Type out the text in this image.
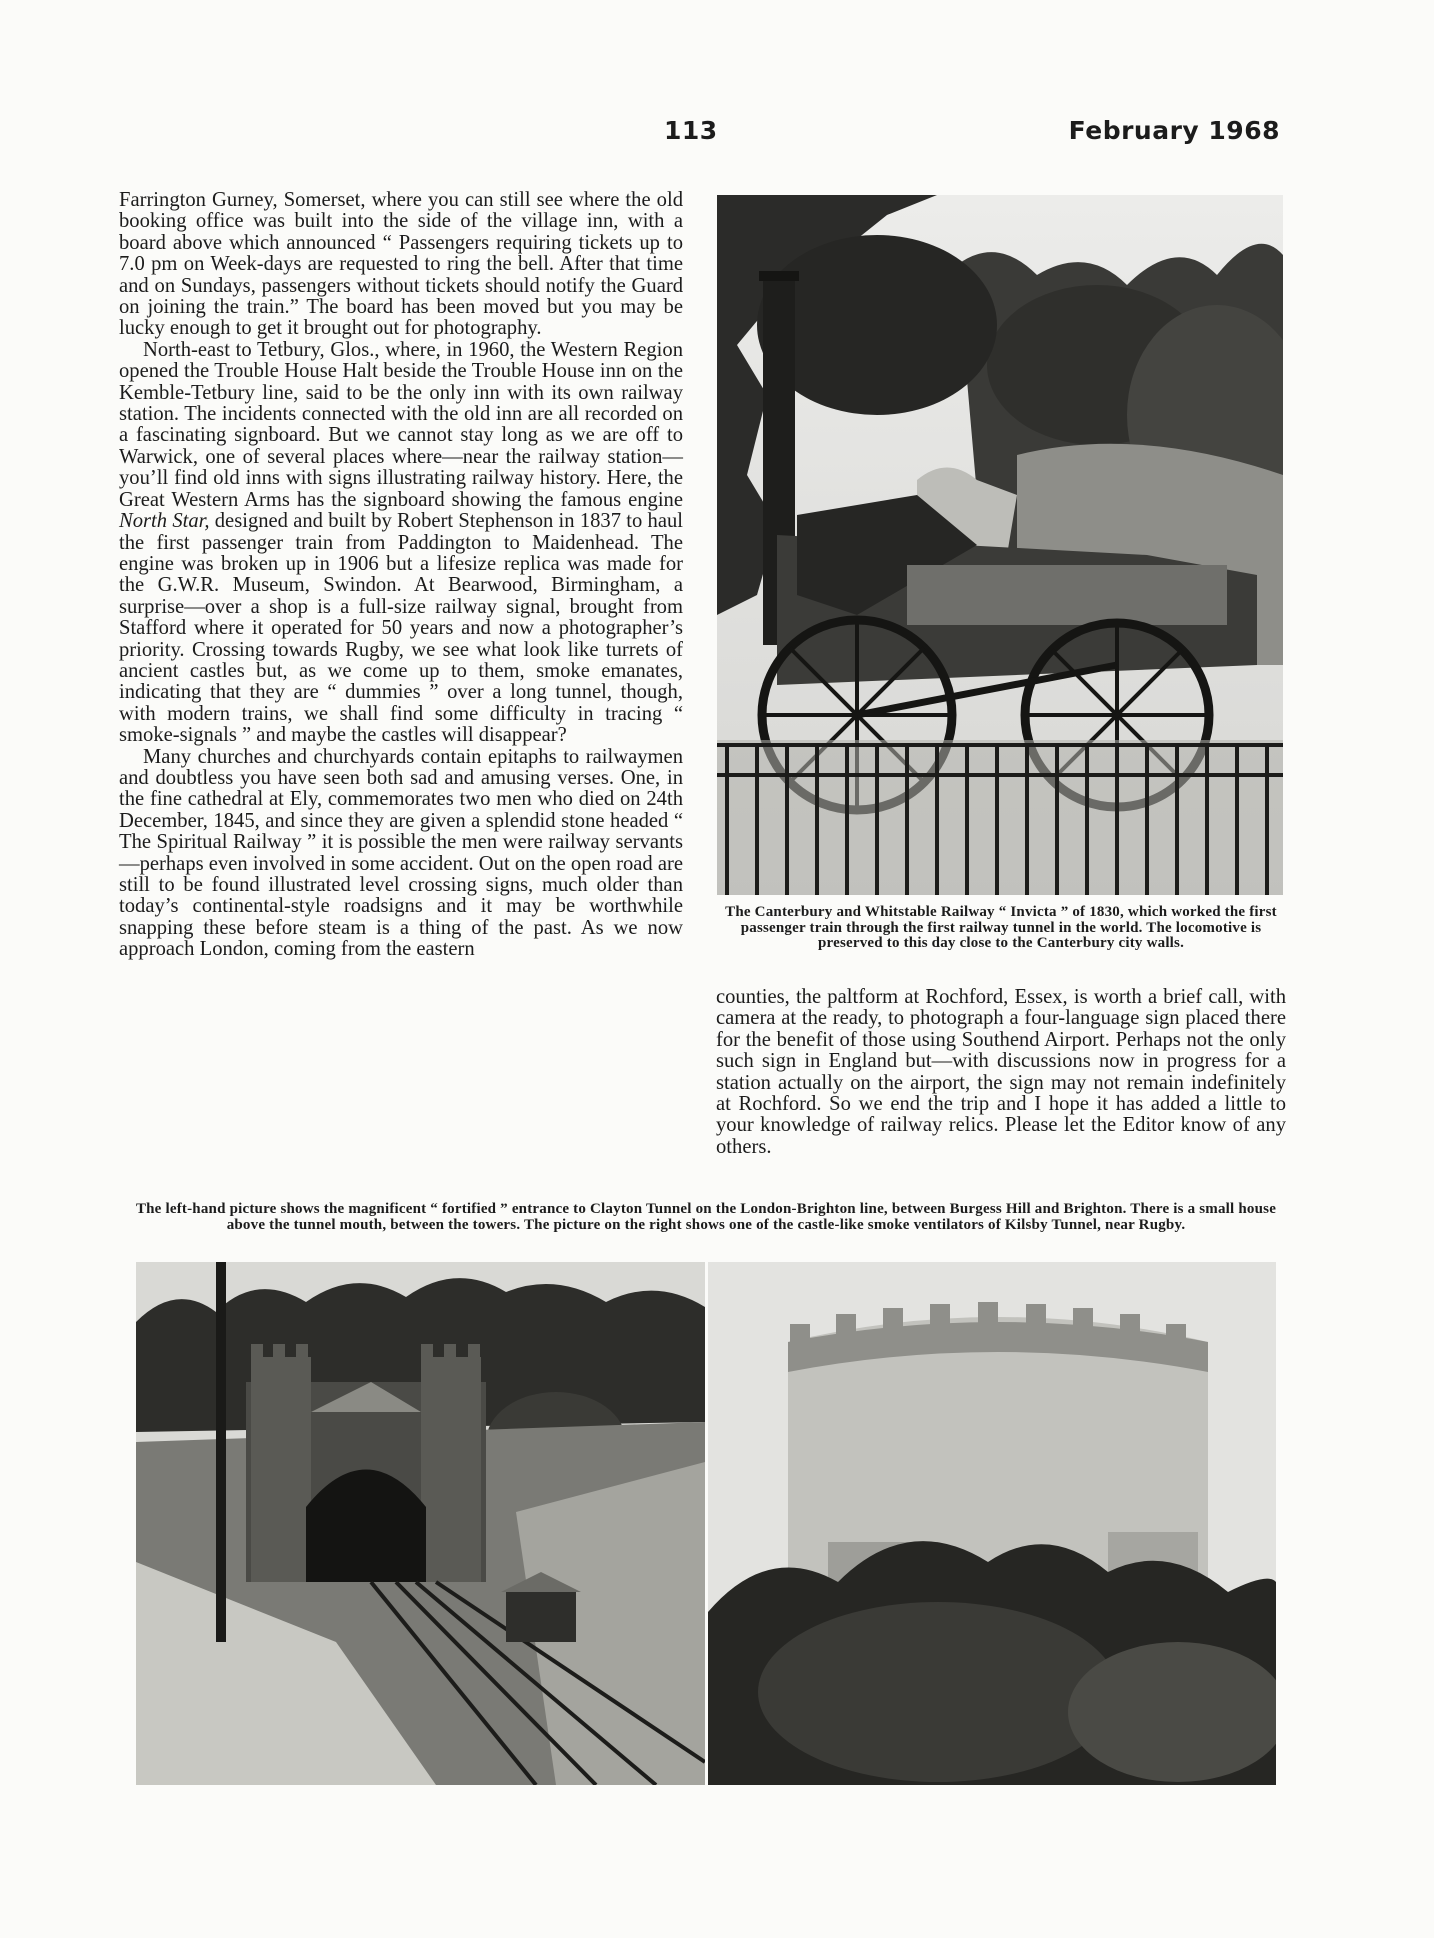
113	February 1968

Farrington Gurney, Somerset, where you can still see where the old booking office was built into the side of the village inn, with a board above which announced “ Passengers requiring tickets up to 7.0 pm on Week-days are requested to ring the bell. After that time and on Sundays, passengers without tickets should notify the Guard on joining the train.” The board has been moved but you may be lucky enough to get it brought out for photography.

North-east to Tetbury, Glos., where, in 1960, the Western Region opened the Trouble House Halt beside the Trouble House inn on the Kemble-Tetbury line, said to be the only inn with its own railway station. The incidents connected with the old inn are all recorded on a fascinating signboard. But we cannot stay long as we are off to Warwick, one of several places where—near the railway station—you’ll find old inns with signs illustrating railway history. Here, the Great Western Arms has the signboard showing the famous engine North Star, designed and built by Robert Stephenson in 1837 to haul the first passenger train from Paddington to Maidenhead. The engine was broken up in 1906 but a lifesize replica was made for the G.W.R. Museum, Swindon. At Bearwood, Birmingham, a surprise—over a shop is a full-size railway signal, brought from Stafford where it operated for 50 years and now a photographer’s priority. Crossing towards Rugby, we see what look like turrets of ancient castles but, as we come up to them, smoke emanates, indicating that they are “ dummies ” over a long tunnel, though, with modern trains, we shall find some difficulty in tracing “ smoke-signals ” and maybe the castles will disappear?

Many churches and churchyards contain epitaphs to railwaymen and doubtless you have seen both sad and amusing verses. One, in the fine cathedral at Ely, commemorates two men who died on 24th December, 1845, and since they are given a splendid stone headed “ The Spiritual Railway ” it is possible the men were railway servants—perhaps even involved in some accident. Out on the open road are still to be found illustrated level crossing signs, much older than today’s continental-style roadsigns and it may be worthwhile snapping these before steam is a thing of the past. As we now approach London, coming from the eastern

The Canterbury and Whitstable Railway “ Invicta ” of 1830, which worked the first passenger train through the first railway tunnel in the world. The locomotive is preserved to this day close to the Canterbury city walls.

counties, the paltform at Rochford, Essex, is worth a brief call, with camera at the ready, to photograph a four-language sign placed there for the benefit of those using Southend Airport. Perhaps not the only such sign in England but—with discussions now in progress for a station actually on the airport, the sign may not remain indefinitely at Rochford. So we end the trip and I hope it has added a little to your knowledge of railway relics. Please let the Editor know of any others.

The left-hand picture shows the magnificent “ fortified ” entrance to Clayton Tunnel on the London-Brighton line, between Burgess Hill and Brighton. There is a small house above the tunnel mouth, between the towers. The picture on the right shows one of the castle-like smoke ventilators of Kilsby Tunnel, near Rugby.
